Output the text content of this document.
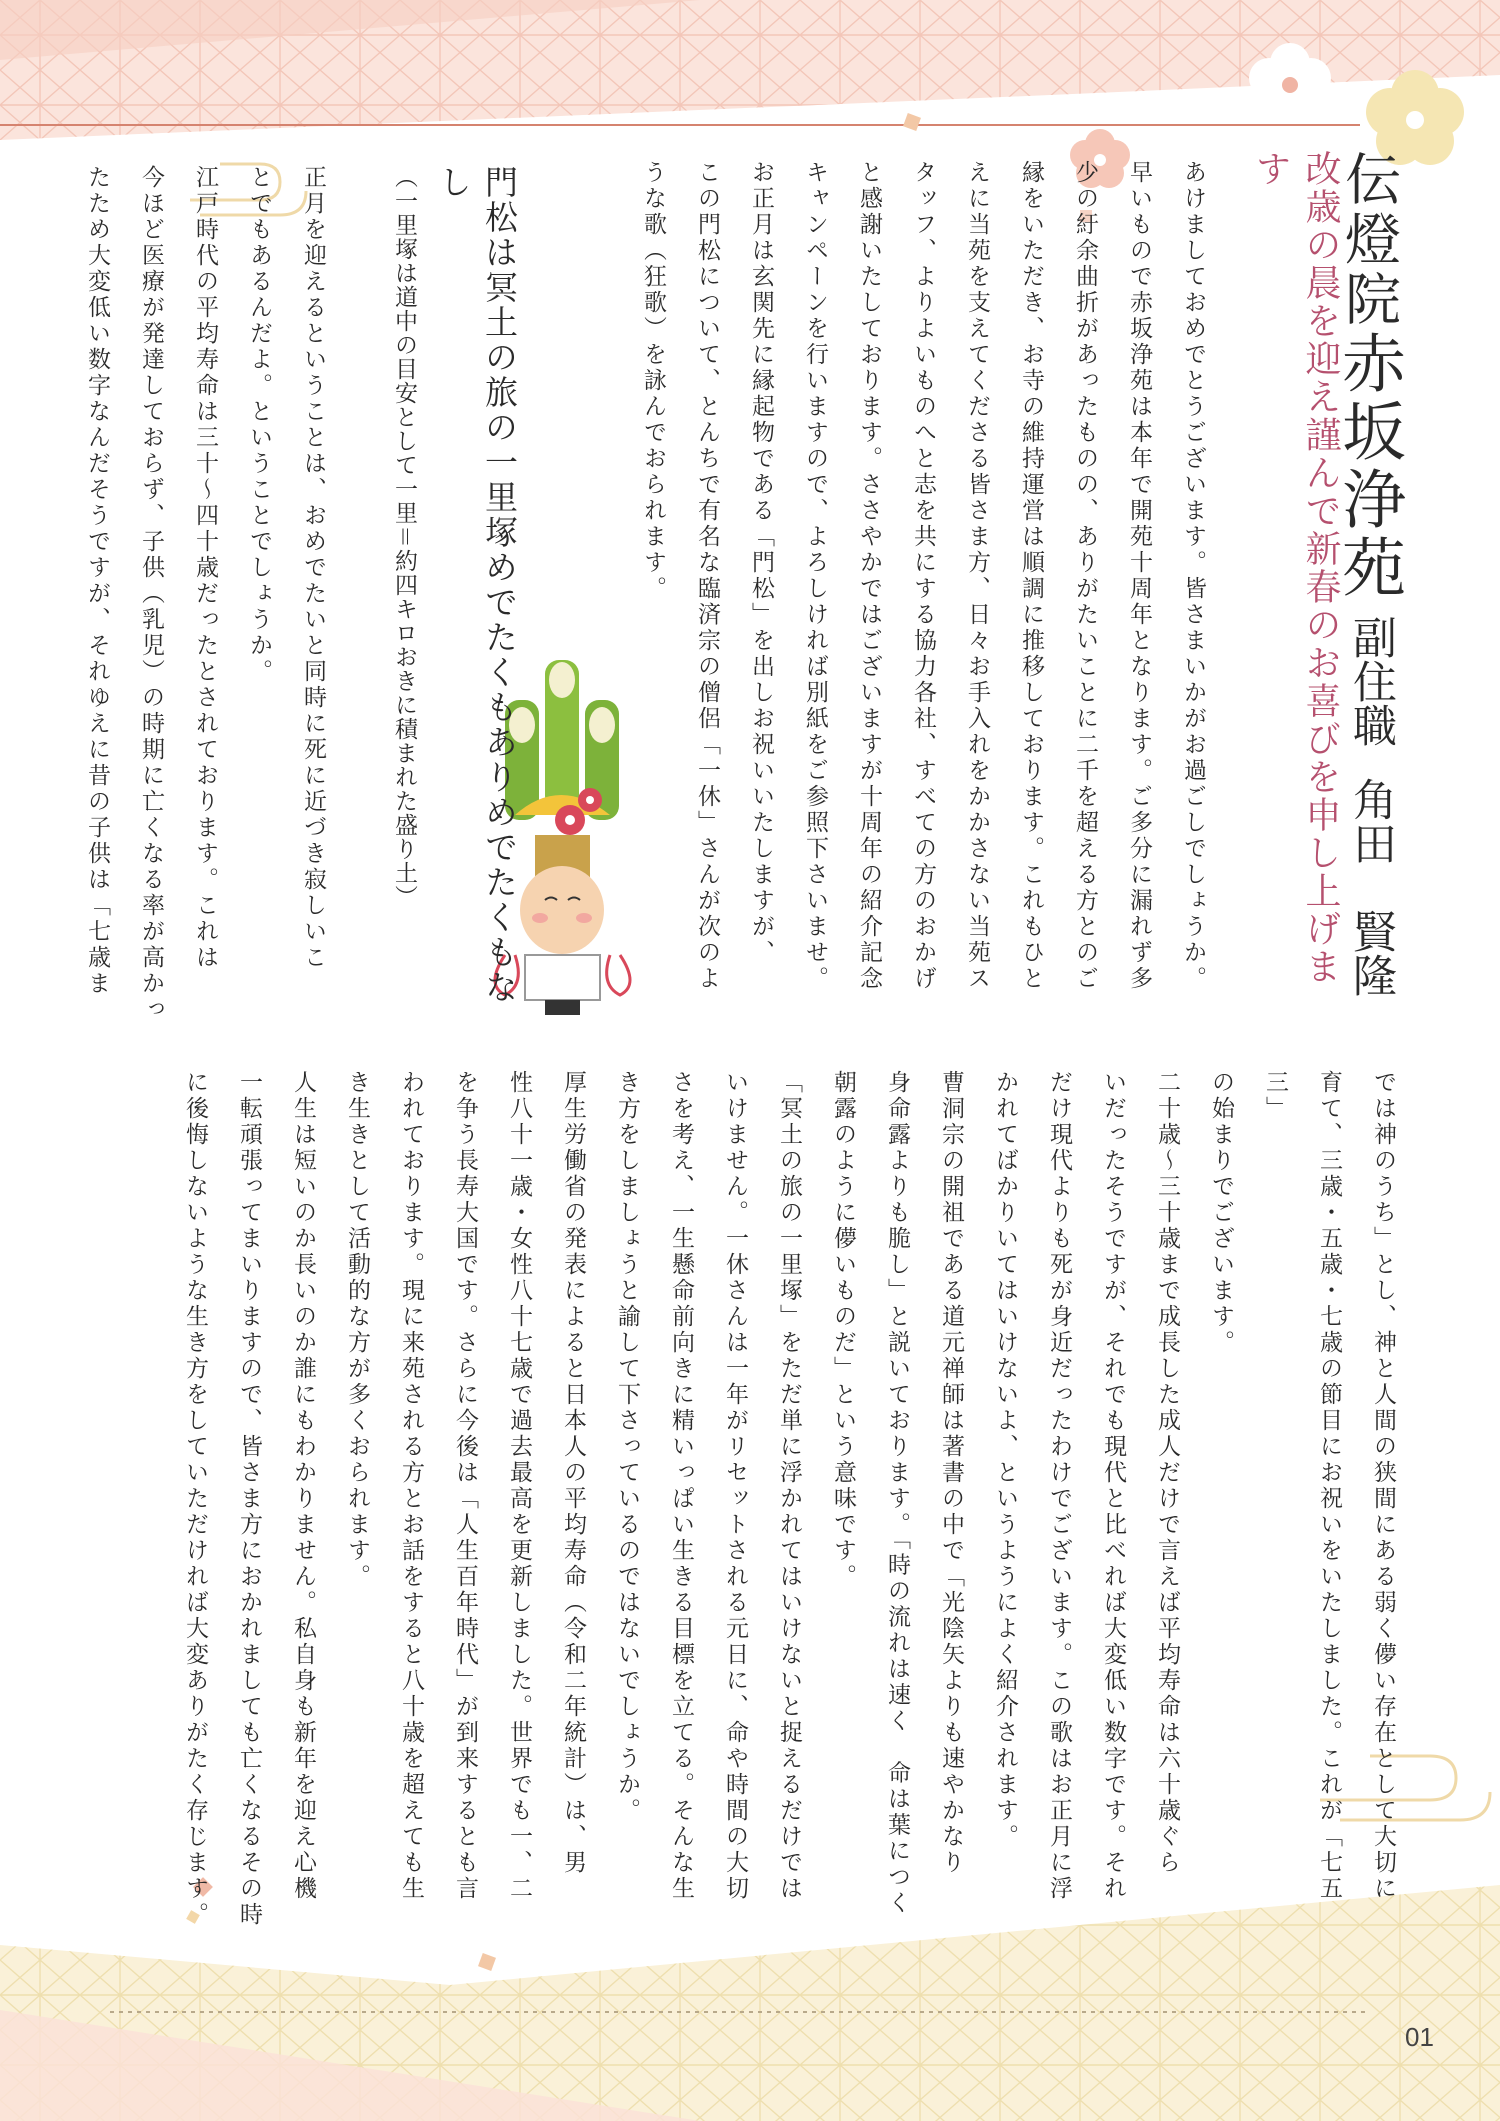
伝燈院赤坂浄苑
副住職角田　賢隆
改歳の晨を迎え謹んで新春のお喜びを申し上げます
あけましておめでとうございます。皆さまいかがお過ごしでしょうか。
早いもので赤坂浄苑は本年で開苑十周年となります。ご多分に漏れず多
少の紆余曲折があったものの、ありがたいことに二千を超える方とのご
縁をいただき、お寺の維持運営は順調に推移しております。これもひと
えに当苑を支えてくださる皆さま方、日々お手入れをかかさない当苑ス
タッフ、よりよいものへと志を共にする協力各社、すべての方のおかげ
と感謝いたしております。ささやかではございますが十周年の紹介記念
キャンペーンを行いますので、よろしければ別紙をご参照下さいませ。
お正月は玄関先に縁起物である「門松」を出しお祝いいたしますが、
この門松について、とんちで有名な臨済宗の僧侶「一休」さんが次のよ
うな歌（狂歌）を詠んでおられます。
門松は冥土の旅の一里塚めでたくもありめでたくもなし
（一里塚は道中の目安として一里＝約四キロおきに積まれた盛り土）
正月を迎えるということは、おめでたいと同時に死に近づき寂しいこ
とでもあるんだよ。ということでしょうか。
江戸時代の平均寿命は三十～四十歳だったとされております。これは
今ほど医療が発達しておらず、子供（乳児）の時期に亡くなる率が高かっ
たため大変低い数字なんだそうですが、それゆえに昔の子供は「七歳ま
では神のうち」とし、神と人間の狭間にある弱く儚い存在として大切に
育て、三歳・五歳・七歳の節目にお祝いをいたしました。これが「七五三」
の始まりでございます。
二十歳～三十歳まで成長した成人だけで言えば平均寿命は六十歳ぐら
いだったそうですが、それでも現代と比べれば大変低い数字です。それ
だけ現代よりも死が身近だったわけでございます。この歌はお正月に浮
かれてばかりいてはいけないよ、というようによく紹介されます。
曹洞宗の開祖である道元禅師は著書の中で「光陰矢よりも速やかなり
身命露よりも脆し」と説いております。「時の流れは速く　命は葉につく
朝露のように儚いものだ」という意味です。
「冥土の旅の一里塚」をただ単に浮かれてはいけないと捉えるだけでは
いけません。一休さんは一年がリセットされる元日に、命や時間の大切
さを考え、一生懸命前向きに精いっぱい生きる目標を立てる。そんな生
き方をしましょうと諭して下さっているのではないでしょうか。
厚生労働省の発表によると日本人の平均寿命（令和二年統計）は、男
性八十一歳・女性八十七歳で過去最高を更新しました。世界でも一、二
を争う長寿大国です。さらに今後は「人生百年時代」が到来するとも言
われております。現に来苑される方とお話をすると八十歳を超えても生
き生きとして活動的な方が多くおられます。
人生は短いのか長いのか誰にもわかりません。私自身も新年を迎え心機
一転頑張ってまいりますので、皆さま方におかれましても亡くなるその時
に後悔しないような生き方をしていただければ大変ありがたく存じます。
01
